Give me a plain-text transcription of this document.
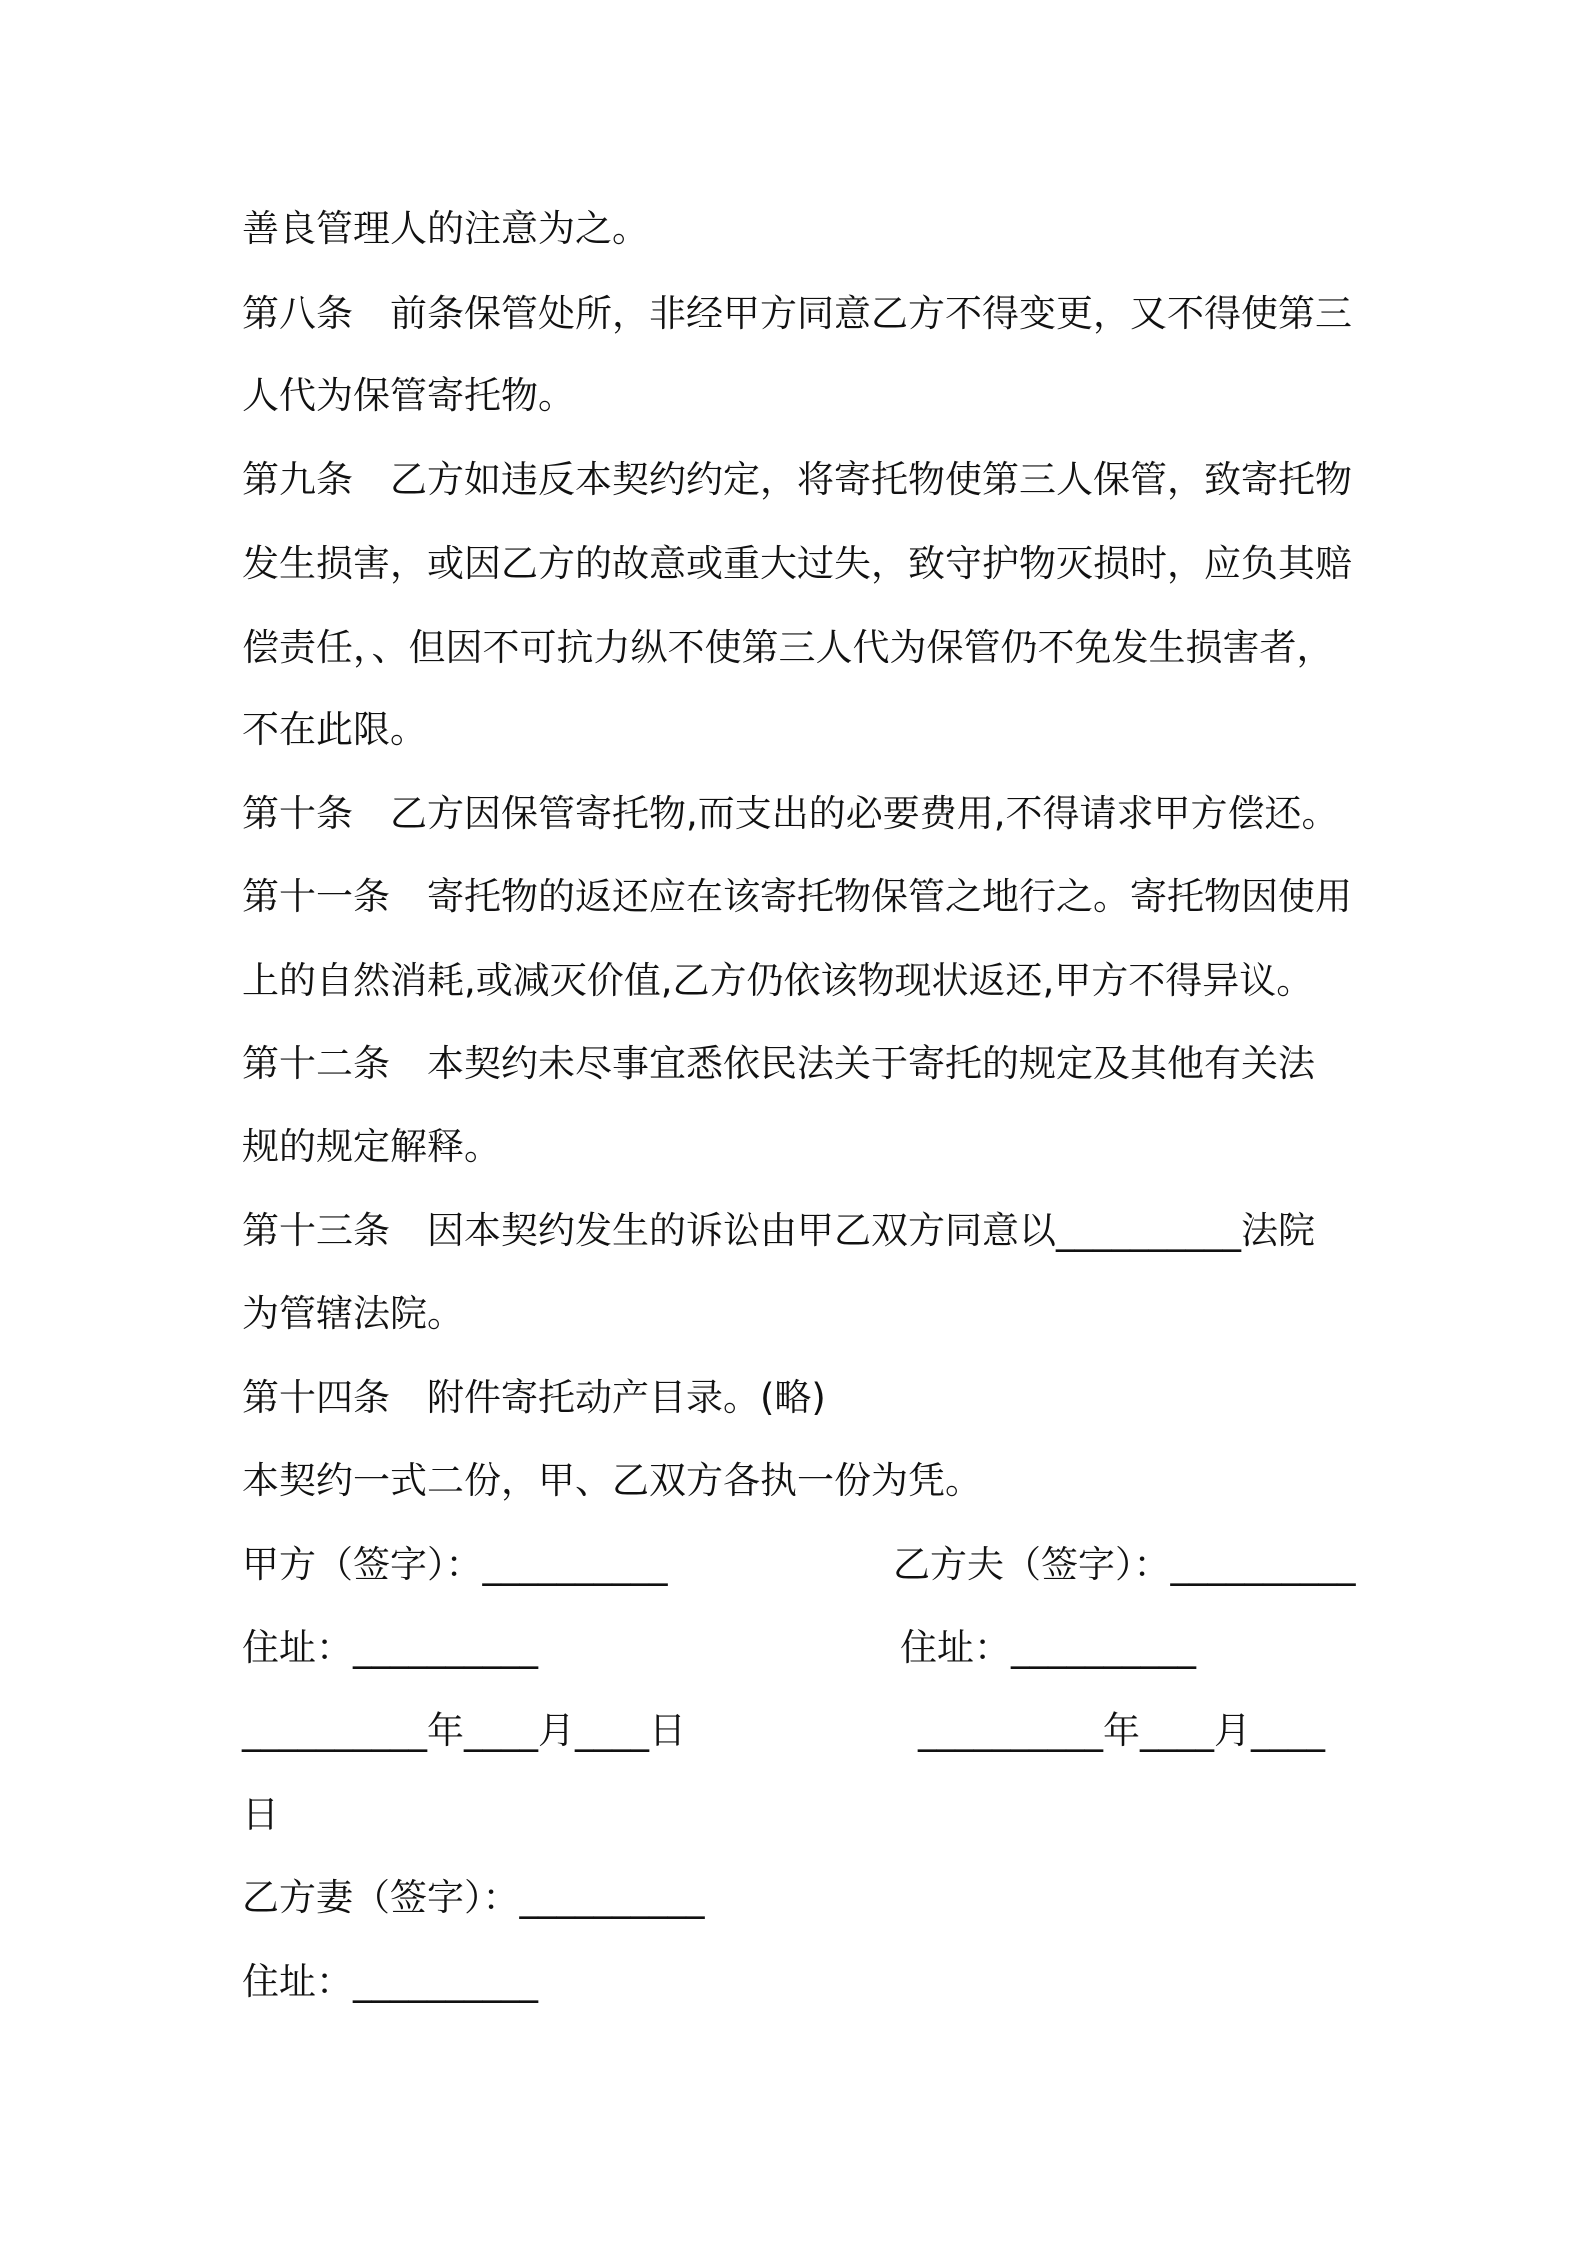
善良管理人的注意为之。
第八条　前条保管处所，非经甲方同意乙方不得变更，又不得使第三
人代为保管寄托物。
第九条　乙方如违反本契约约定，将寄托物使第三人保管，致寄托物
发生损害，或因乙方的故意或重大过失，致守护物灭损时，应负其赔
偿责任，、但因不可抗力纵不使第三人代为保管仍不免发生损害者，
不在此限。
第十条　乙方因保管寄托物,而支出的必要费用,不得请求甲方偿还。
第十一条　寄托物的返还应在该寄托物保管之地行之。寄托物因使用
上的自然消耗,或减灭价值,乙方仍依该物现状返还,甲方不得异议。
第十二条　本契约未尽事宜悉依民法关于寄托的规定及其他有关法
规的规定解释。
第十三条　因本契约发生的诉讼由甲乙双方同意以__________法院
为管辖法院。
第十四条　附件寄托动产目录。(略)
本契约一式二份，甲、乙双方各执一份为凭。
甲方（签字）：__________	乙方夫（签字）：__________
住址：__________	住址：__________
__________年____月____日	__________年____月____
日
乙方妻（签字）：__________
住址：__________
